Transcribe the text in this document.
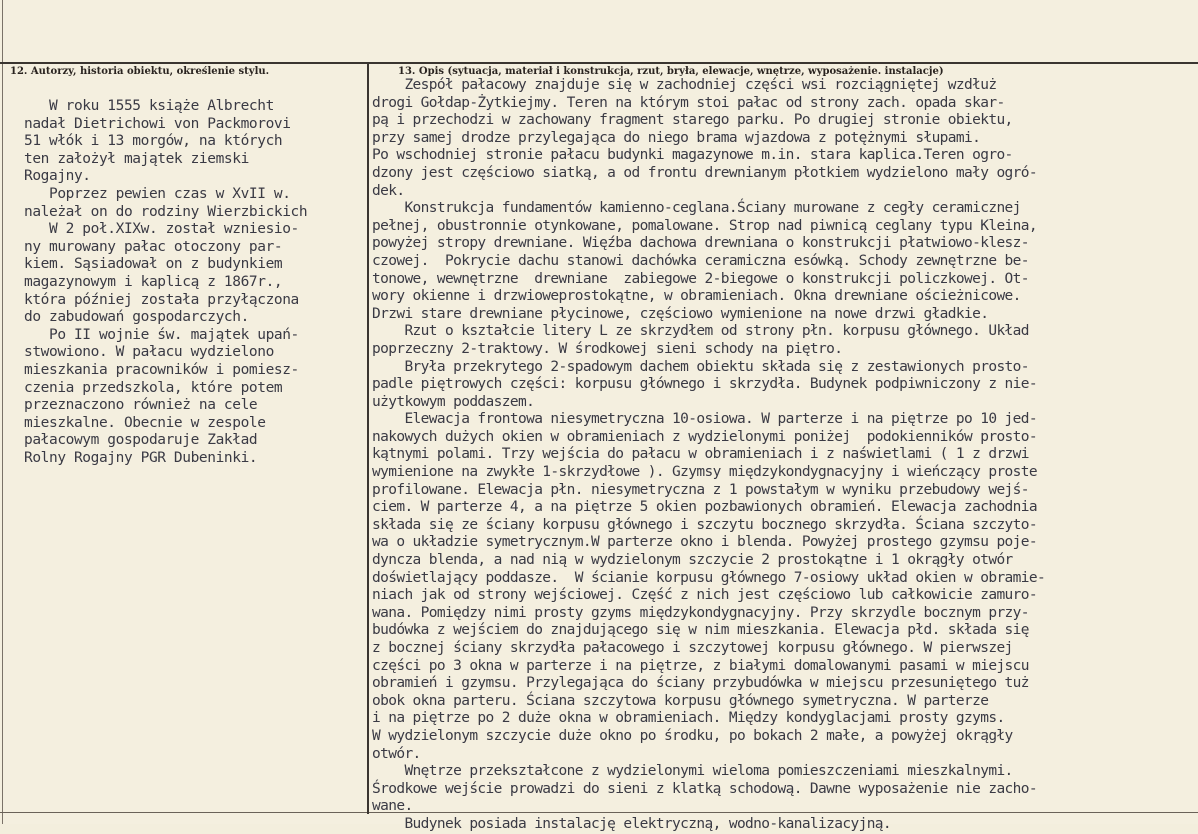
12. Autorzy, historia obiektu, określenie stylu.	13. Opis (sytuacja, materiał i konstrukcja, rzut, bryła, elewacje, wnętrze, wyposażenie. instalacje)
W roku 1555 książe Albrecht
nadał Dietrichowi von Packmorovi
51 włók i 13 morgów, na których
ten założył majątek ziemski
Rogajny.
Poprzez pewien czas w XvII w.
należał on do rodziny Wierzbickich
W 2 poł.XIXw. został wzniesio-
ny murowany pałac otoczony par-
kiem. Sąsiadował on z budynkiem
magazynowym i kaplicą z 1867r.,
która później została przyłączona
do zabudowań gospodarczych.
Po II wojnie św. majątek upań-
stwowiono. W pałacu wydzielono
mieszkania pracowników i pomiesz-
czenia przedszkola, które potem
przeznaczono również na cele
mieszkalne. Obecnie w zespole
pałacowym gospodaruje Zakład
Rolny Rogajny PGR Dubeninki.
Zespół pałacowy znajduje się w zachodniej części wsi rozciągniętej wzdłuż
drogi Gołdap-Żytkiejmy. Teren na którym stoi pałac od strony zach. opada skar-
pą i przechodzi w zachowany fragment starego parku. Po drugiej stronie obiektu,
przy samej drodze przylegająca do niego brama wjazdowa z potężnymi słupami.
Po wschodniej stronie pałacu budynki magazynowe m.in. stara kaplica.Teren ogro-
dzony jest częściowo siatką, a od frontu drewnianym płotkiem wydzielono mały ogró-
dek.
Konstrukcja fundamentów kamienno-ceglana.Ściany murowane z cegły ceramicznej
pełnej, obustronnie otynkowane, pomalowane. Strop nad piwnicą ceglany typu Kleina,
powyżej stropy drewniane. Więźba dachowa drewniana o konstrukcji płatwiowo-klesz-
czowej.  Pokrycie dachu stanowi dachówka ceramiczna esówką. Schody zewnętrzne be-
tonowe, wewnętrzne  drewniane  zabiegowe 2-biegowe o konstrukcji policzkowej. Ot-
wory okienne i drzwioweprostokątne, w obramieniach. Okna drewniane ościeżnicowe.
Drzwi stare drewniane płycinowe, częściowo wymienione na nowe drzwi gładkie.
Rzut o kształcie litery L ze skrzydłem od strony płn. korpusu głównego. Układ
poprzeczny 2-traktowy. W środkowej sieni schody na piętro.
Bryła przekrytego 2-spadowym dachem obiektu składa się z zestawionych prosto-
padle piętrowych części: korpusu głównego i skrzydła. Budynek podpiwniczony z nie-
użytkowym poddaszem.
Elewacja frontowa niesymetryczna 10-osiowa. W parterze i na piętrze po 10 jed-
nakowych dużych okien w obramieniach z wydzielonymi poniżej  podokienników prosto-
kątnymi polami. Trzy wejścia do pałacu w obramieniach i z naświetlami ( 1 z drzwi
wymienione na zwykłe 1-skrzydłowe ). Gzymsy międzykondygnacyjny i wieńczący proste
profilowane. Elewacja płn. niesymetryczna z 1 powstałym w wyniku przebudowy wejś-
ciem. W parterze 4, a na piętrze 5 okien pozbawionych obramień. Elewacja zachodnia
składa się ze ściany korpusu głównego i szczytu bocznego skrzydła. Ściana szczyto-
wa o układzie symetrycznym.W parterze okno i blenda. Powyżej prostego gzymsu poje-
dyncza blenda, a nad nią w wydzielonym szczycie 2 prostokątne i 1 okrągły otwór
doświetlający poddasze.  W ścianie korpusu głównego 7-osiowy układ okien w obramie-
niach jak od strony wejściowej. Część z nich jest częściowo lub całkowicie zamuro-
wana. Pomiędzy nimi prosty gzyms międzykondygnacyjny. Przy skrzydle bocznym przy-
budówka z wejściem do znajdującego się w nim mieszkania. Elewacja płd. składa się
z bocznej ściany skrzydła pałacowego i szczytowej korpusu głównego. W pierwszej
części po 3 okna w parterze i na piętrze, z białymi domalowanymi pasami w miejscu
obramień i gzymsu. Przylegająca do ściany przybudówka w miejscu przesuniętego tuż
obok okna parteru. Ściana szczytowa korpusu głównego symetryczna. W parterze
i na piętrze po 2 duże okna w obramieniach. Między kondyglacjami prosty gzyms.
W wydzielonym szczycie duże okno po środku, po bokach 2 małe, a powyżej okrągły
otwór.
Wnętrze przekształcone z wydzielonymi wieloma pomieszczeniami mieszkalnymi.
Środkowe wejście prowadzi do sieni z klatką schodową. Dawne wyposażenie nie zacho-
wane.
Budynek posiada instalację elektryczną, wodno-kanalizacyjną.
